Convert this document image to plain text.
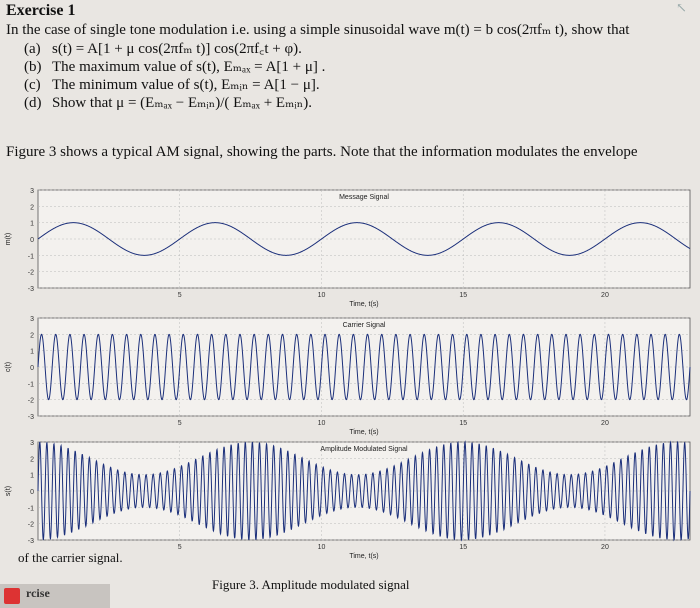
↖
Exercise 1
In the case of single tone modulation i.e. using a simple sinusoidal wave m(t) = b cos(2πfₘ t), show that
(a) s(t) = A[1 + μ cos(2πfₘ t)] cos(2πf꜀t + φ).
(b) The maximum value of s(t), Eₘₐₓ = A[1 + μ] .
(c) The minimum value of s(t), Eₘᵢₙ = A[1 − μ].
(d) Show that μ = (Eₘₐₓ − Eₘᵢₙ)/( Eₘₐₓ + Eₘᵢₙ).
Figure 3 shows a typical AM signal, showing the parts. Note that the information modulates the envelope
3
2
1
0
-1
-2
-3
5	10	15	20
Message Signal
Time, t(s)
m(t)
3
2
1
0
-1
-2
-3
5	10	15	20
Carrier Signal
Time, t(s)
c(t)
3
2
1
0
-1
-2
-3
5	10	15	20
Amplitude Modulated Signal
Time, t(s)
s(t)
of the carrier signal.
Figure 3. Amplitude modulated signal
rcise
